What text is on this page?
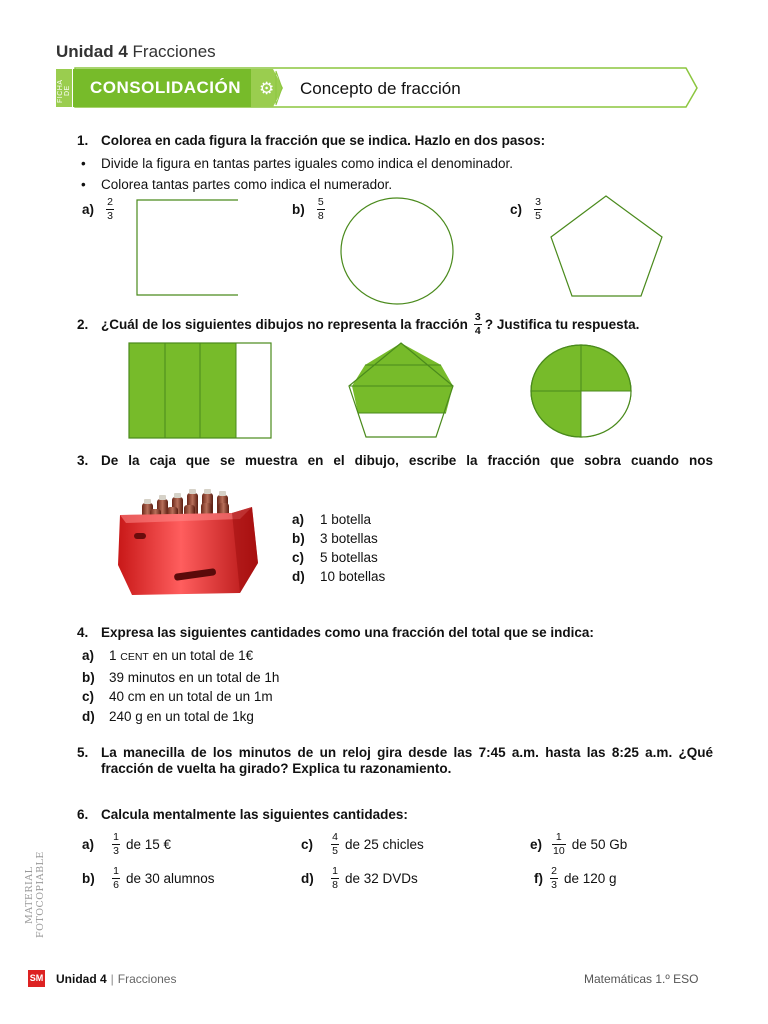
Unidad 4 Fracciones
FICHA DE CONSOLIDACIÓN ⚙ Concepto de fracción
1. Colorea en cada figura la fracción que se indica. Hazlo en dos pasos:
• Divide la figura en tantas partes iguales como indica el denominador.
• Colorea tantas partes como indica el numerador.
$a) \frac{2}{3}$	$b) \frac{5}{8}$	$c) \frac{3}{5}$
2. ¿Cuál de los siguientes dibujos no representa la fracción $\frac{3}{4}$ ? Justifica tu respuesta.
3. De la caja que se muestra en el dibujo, escribe la fracción que sobra cuando nos
a) 1 botella
b) 3 botellas
c) 5 botellas
d) 10 botellas
4. Expresa las siguientes cantidades como una fracción del total que se indica:
a) 1 CENT en un total de 1€
b) 39 minutos en un total de 1h
c) 40 cm en un total de un 1m
d) 240 g en un total de 1kg
5. La manecilla de los minutos de un reloj gira desde las 7:45 a.m. hasta las 8:25 a.m. ¿Qué
fracción de vuelta ha girado? Explica tu razonamiento.
6. Calcula mentalmente las siguientes cantidades:
a)	$\frac{1}{3}$ de 15 €	c)	$\frac{4}{5}$ de 25 chicles	$e) \frac{1}{10}$ de 50 Gb
b)	$\frac{1}{6}$ de 30 alumnos	d)	$\frac{1}{8}$ de 32 DVDs	$f) \frac{2}{3}$ de 120 g
MATERIAL FOTOCOPIABLE
SM Unidad 4 | Fracciones	Matemáticas 1.º ESO
